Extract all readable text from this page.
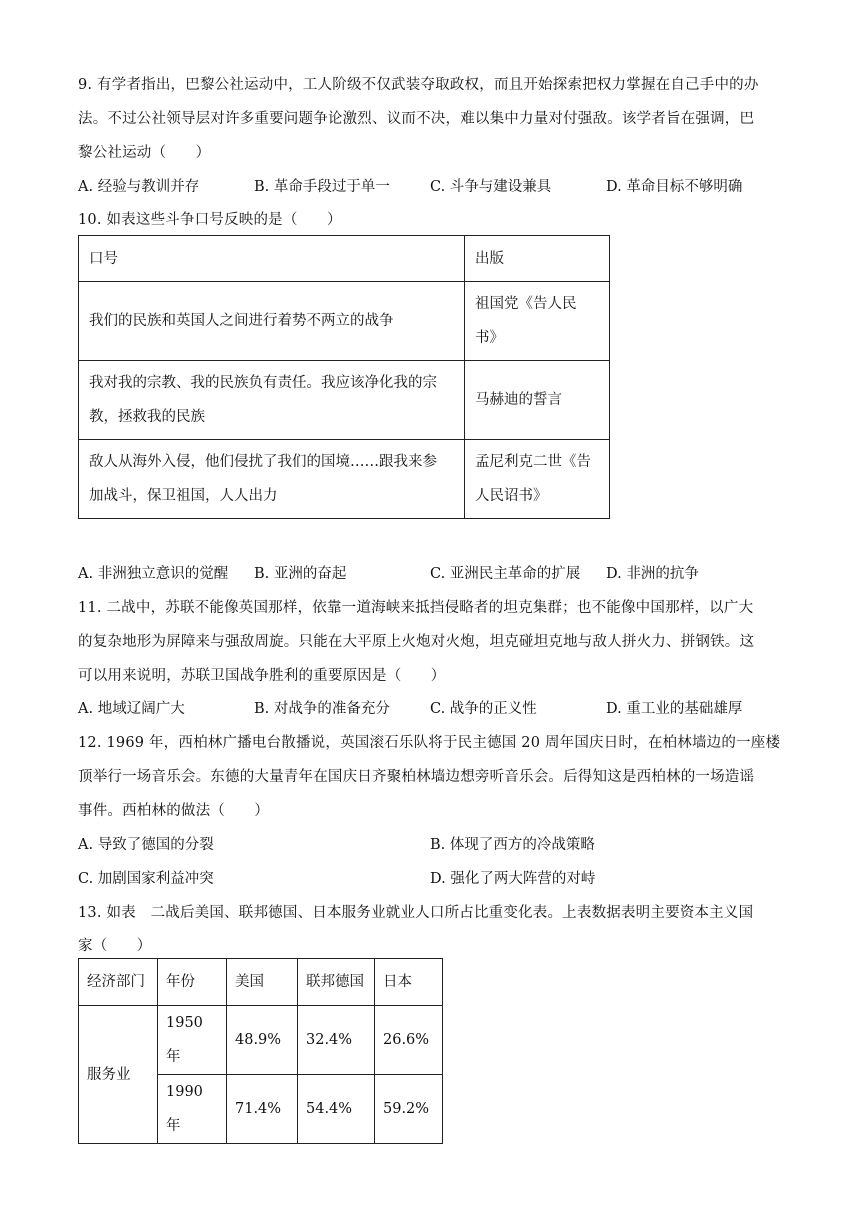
9. 有学者指出，巴黎公社运动中，工人阶级不仅武装夺取政权，而且开始探索把权力掌握在自己手中的办
法。不过公社领导层对许多重要问题争论激烈、议而不决，难以集中力量对付强敌。该学者旨在强调，巴
黎公社运动（　　）
A. 经验与教训并存	B. 革命手段过于单一	C. 斗争与建设兼具	D. 革命目标不够明确
10. 如表这些斗争口号反映的是（　　）
口号	出版
我们的民族和英国人之间进行着势不两立的战争	祖国党《告人民
书》
我对我的宗教、我的民族负有责任。我应该净化我的宗
教，拯救我的民族	马赫迪的誓言
敌人从海外入侵，他们侵扰了我们的国境……跟我来参
加战斗，保卫祖国，人人出力	孟尼利克二世《告
人民诏书》
A. 非洲独立意识的觉醒 B. 亚洲的奋起	C. 亚洲民主革命的扩展 D. 非洲的抗争
11. 二战中，苏联不能像英国那样，依靠一道海峡来抵挡侵略者的坦克集群；也不能像中国那样，以广大
的复杂地形为屏障来与强敌周旋。只能在大平原上火炮对火炮，坦克碰坦克地与敌人拼火力、拼钢铁。这
可以用来说明，苏联卫国战争胜利的重要原因是（　　）
A. 地域辽阔广大	B. 对战争的准备充分	C. 战争的正义性	D. 重工业的基础雄厚
12. 1969 年，西柏林广播电台散播说，英国滚石乐队将于民主德国 20 周年国庆日时，在柏林墙边的一座楼
顶举行一场音乐会。东德的大量青年在国庆日齐聚柏林墙边想旁听音乐会。后得知这是西柏林的一场造谣
事件。西柏林的做法（　　）
A. 导致了德国的分裂	B. 体现了西方的冷战策略
C. 加剧国家利益冲突	D. 强化了两大阵营的对峙
13. 如表　二战后美国、联邦德国、日本服务业就业人口所占比重变化表。上表数据表明主要资本主义国
家（　　）
经济部门	年份	美国	联邦德国	日本
服务业	1950 年	48.9%	32.4%	26.6%
	1990 年	71.4%	54.4%	59.2%
